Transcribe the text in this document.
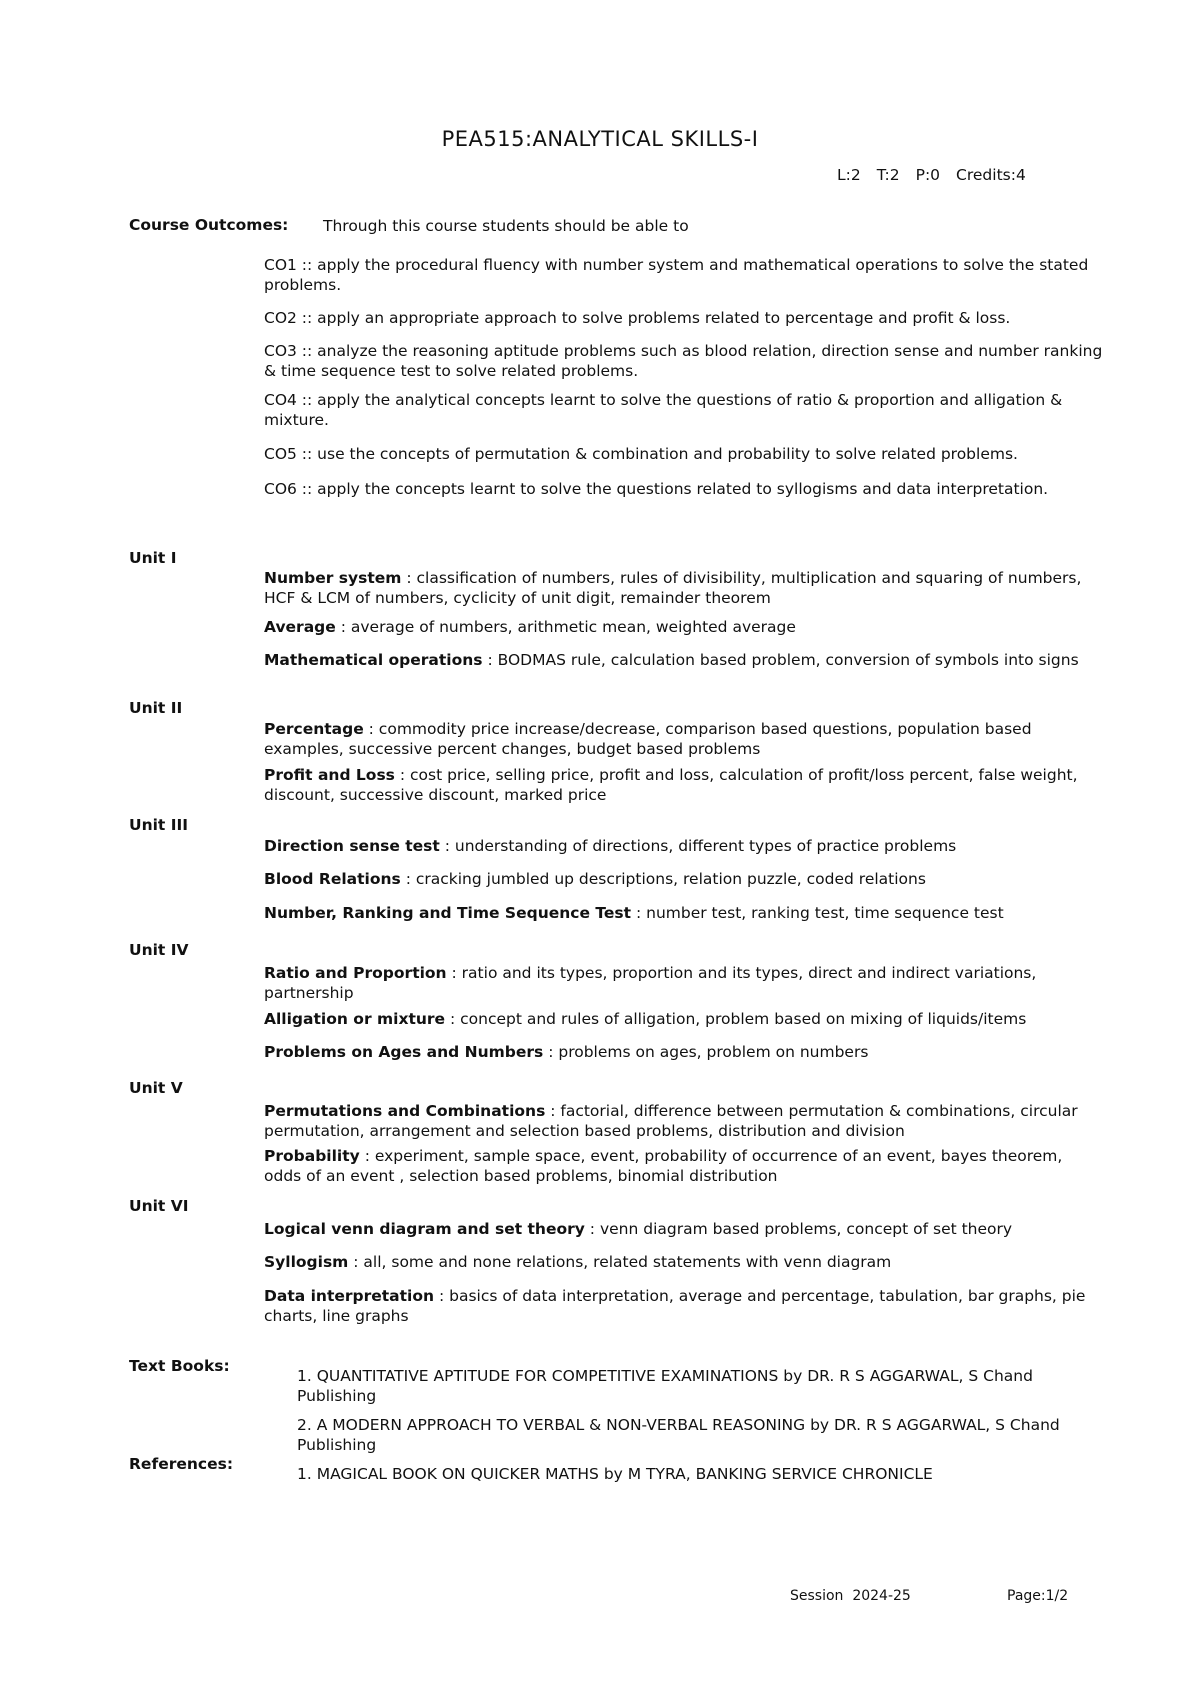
PEA515:ANALYTICAL SKILLS-I
L:2 T:2 P:0 Credits:4
Course Outcomes: Through this course students should be able to
CO1 :: apply the procedural fluency with number system and mathematical operations to solve the stated problems.
CO2 :: apply an appropriate approach to solve problems related to percentage and profit & loss.
CO3 :: analyze the reasoning aptitude problems such as blood relation, direction sense and number ranking & time sequence test to solve related problems.
CO4 :: apply the analytical concepts learnt to solve the questions of ratio & proportion and alligation & mixture.
CO5 :: use the concepts of permutation & combination and probability to solve related problems.
CO6 :: apply the concepts learnt to solve the questions related to syllogisms and data interpretation.
Unit I
Number system : classification of numbers, rules of divisibility, multiplication and squaring of numbers, HCF & LCM of numbers, cyclicity of unit digit, remainder theorem
Average : average of numbers, arithmetic mean, weighted average
Mathematical operations : BODMAS rule, calculation based problem, conversion of symbols into signs
Unit II
Percentage : commodity price increase/decrease, comparison based questions, population based examples, successive percent changes, budget based problems
Profit and Loss : cost price, selling price, profit and loss, calculation of profit/loss percent, false weight, discount, successive discount, marked price
Unit III
Direction sense test : understanding of directions, different types of practice problems
Blood Relations : cracking jumbled up descriptions, relation puzzle, coded relations
Number, Ranking and Time Sequence Test : number test, ranking test, time sequence test
Unit IV
Ratio and Proportion : ratio and its types, proportion and its types, direct and indirect variations, partnership
Alligation or mixture : concept and rules of alligation, problem based on mixing of liquids/items
Problems on Ages and Numbers : problems on ages, problem on numbers
Unit V
Permutations and Combinations : factorial, difference between permutation & combinations, circular permutation, arrangement and selection based problems, distribution and division
Probability : experiment, sample space, event, probability of occurrence of an event, bayes theorem, odds of an event , selection based problems, binomial distribution
Unit VI
Logical venn diagram and set theory : venn diagram based problems, concept of set theory
Syllogism : all, some and none relations, related statements with venn diagram
Data interpretation : basics of data interpretation, average and percentage, tabulation, bar graphs, pie charts, line graphs
Text Books:
1. QUANTITATIVE APTITUDE FOR COMPETITIVE EXAMINATIONS by DR. R S AGGARWAL, S Chand Publishing
2. A MODERN APPROACH TO VERBAL & NON-VERBAL REASONING by DR. R S AGGARWAL, S Chand Publishing
References:
1. MAGICAL BOOK ON QUICKER MATHS by M TYRA, BANKING SERVICE CHRONICLE
Session  2024-25	Page:1/2
